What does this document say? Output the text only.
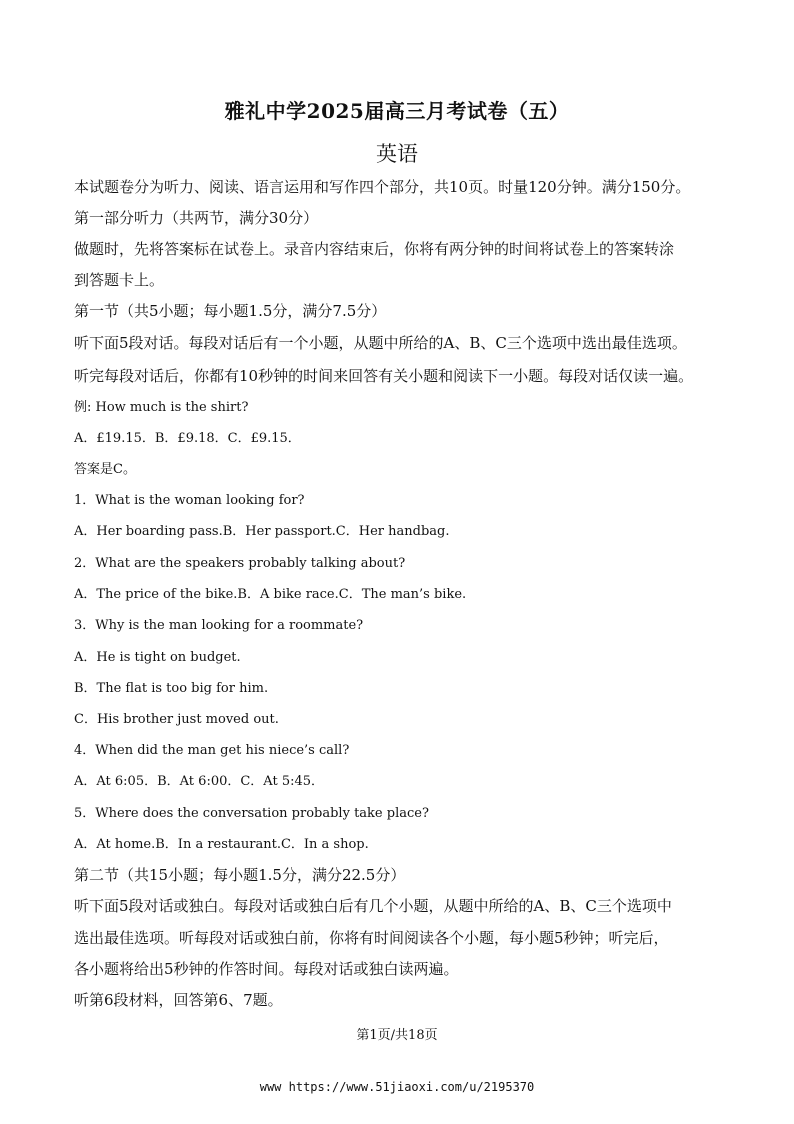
雅礼中学2025届高三月考试卷（五）
英语
本试题卷分为听力、阅读、语言运用和写作四个部分，共10页。时量120分钟。满分150分。
第一部分听力（共两节，满分30分）
做题时，先将答案标在试卷上。录音内容结束后，你将有两分钟的时间将试卷上的答案转涂
到答题卡上。
第一节（共5小题；每小题1.5分，满分7.5分）
听下面5段对话。每段对话后有一个小题，从题中所给的A、B、C三个选项中选出最佳选项。
听完每段对话后，你都有10秒钟的时间来回答有关小题和阅读下一小题。每段对话仅读一遍。
例: How much is the shirt?
A．£19.15．B．£9.18．C．£9.15．
答案是C。
1．What is the woman looking for?
A．Her boarding pass.B．Her passport.C．Her handbag.
2．What are the speakers probably talking about?
A．The price of the bike.B．A bike race.C．The man’s bike.
3．Why is the man looking for a roommate?
A．He is tight on budget.
B．The flat is too big for him.
C．His brother just moved out.
4．When did the man get his niece’s call?
A．At 6:05．B．At 6:00．C．At 5:45．
5．Where does the conversation probably take place?
A．At home.B．In a restaurant.C．In a shop.
第二节（共15小题；每小题1.5分，满分22.5分）
听下面5段对话或独白。每段对话或独白后有几个小题，从题中所给的A、B、C三个选项中
选出最佳选项。听每段对话或独白前，你将有时间阅读各个小题，每小题5秒钟；听完后，
各小题将给出5秒钟的作答时间。每段对话或独白读两遍。
听第6段材料，回答第6、7题。
第1页/共18页
www https://www.51jiaoxi.com/u/2195370
